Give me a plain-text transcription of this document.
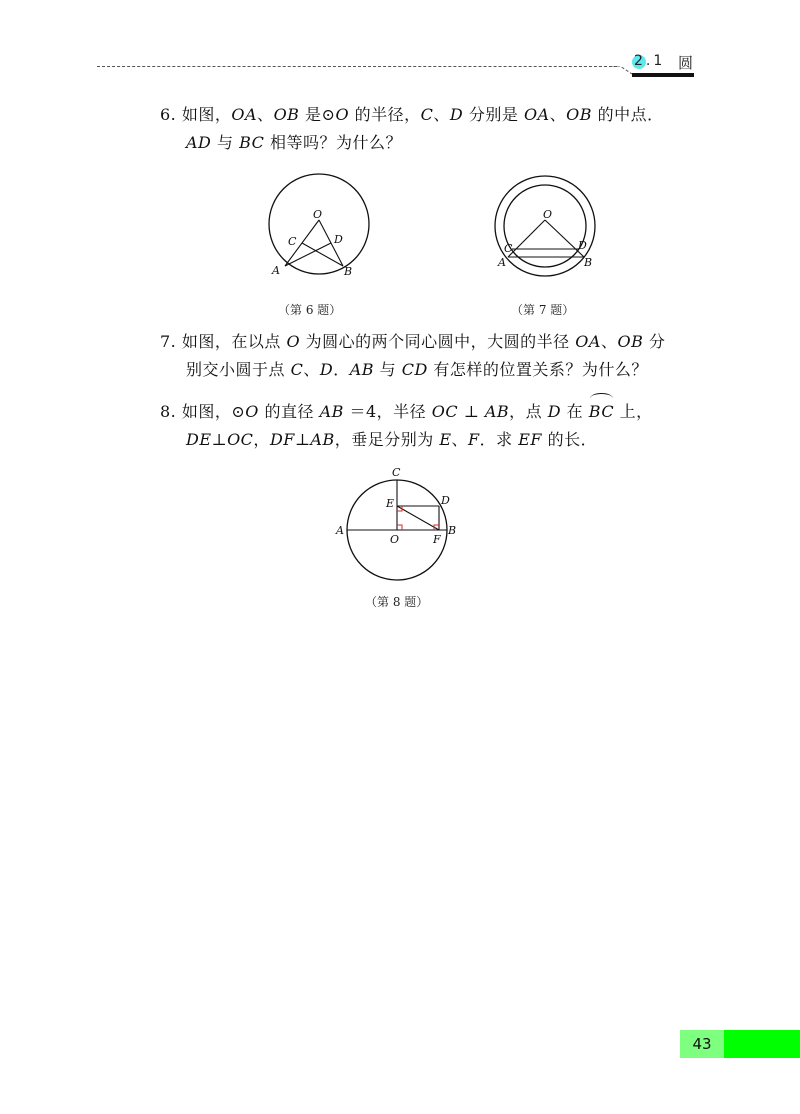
2.1 圆
6. 如图，OA、OB 是⊙O 的半径，C、D 分别是 OA、OB 的中点．
AD 与 BC 相等吗？为什么？
O
C	D
A	B
（第 6 题）
O
C	D
A	B
（第 7 题）
7. 如图，在以点 O 为圆心的两个同心圆中，大圆的半径 OA、OB 分
别交小圆于点 C、D．AB 与 CD 有怎样的位置关系？为什么？
8. 如图，⊙O 的直径 AB ＝4，半径 OC ⊥ AB，点 D 在 BC 上，
DE⊥OC，DF⊥AB，垂足分别为 E、F．求 EF 的长．
C
E	D
A
O	F
B
（第 8 题）
43
